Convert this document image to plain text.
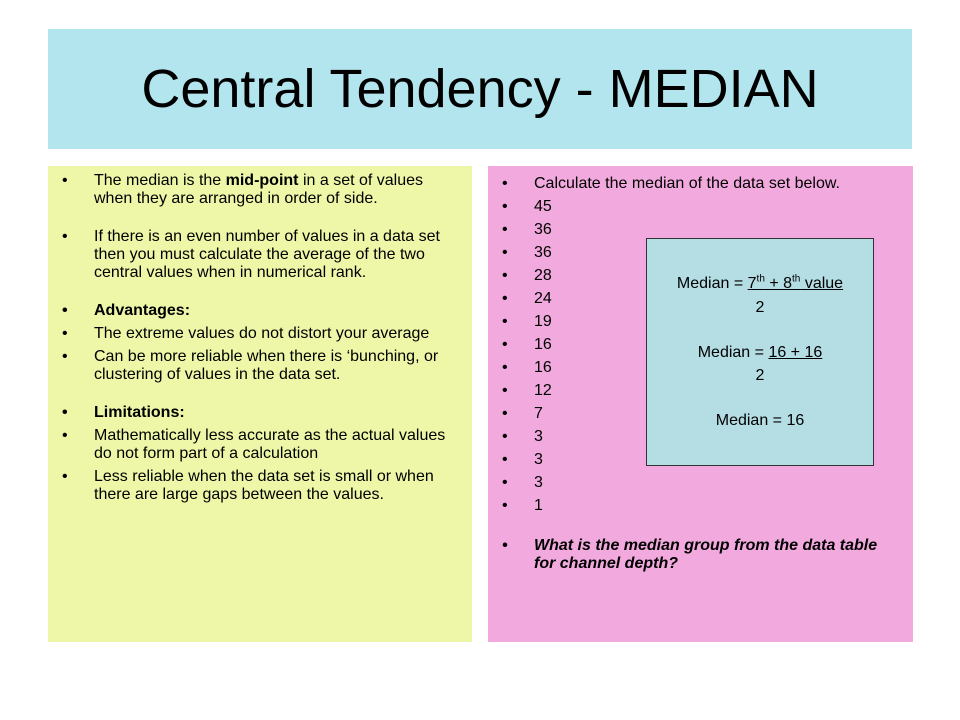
Central Tendency - MEDIAN
• The median is the mid-point in a set of values when they are arranged in order of side.
• If there is an even number of values in a data set then you must calculate the average of the two central values when in numerical rank.
• Advantages:
• The extreme values do not distort your average
• Can be more reliable when there is ‘bunching, or clustering of values in the data set.
• Limitations:
• Mathematically less accurate as the actual values do not form part of a calculation
• Less reliable when the data set is small or when there are large gaps between the values.
• Calculate the median of the data set below.
• 45
• 36
• 36
• 28
• 24
• 19
• 16
• 16
• 12
• 7
• 3
• 3
• 3
• 1
• What is the median group from the data table for channel depth?
Median = 7th + 8th value
2
Median = 16 + 16
2
Median = 16
